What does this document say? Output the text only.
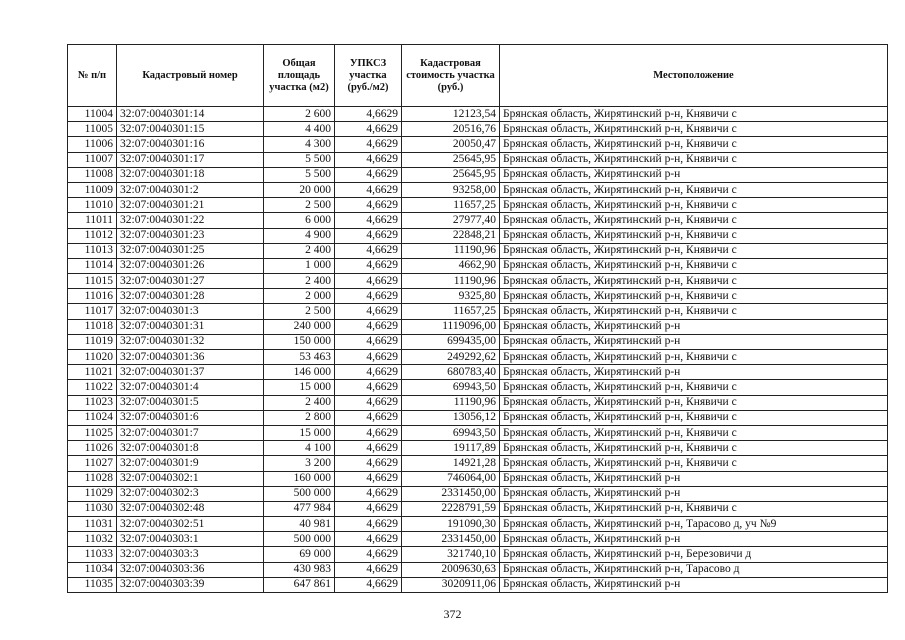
№ п/п	Кадастровый номер	Общая площадь участка (м2)	УПКСЗ участка (руб./м2)	Кадастровая стоимость участка (руб.)	Местоположение
11004	32:07:0040301:14	2 600	4,6629	12123,54	Брянская область, Жирятинский р-н, Княвичи с
11005	32:07:0040301:15	4 400	4,6629	20516,76	Брянская область, Жирятинский р-н, Княвичи с
11006	32:07:0040301:16	4 300	4,6629	20050,47	Брянская область, Жирятинский р-н, Княвичи с
11007	32:07:0040301:17	5 500	4,6629	25645,95	Брянская область, Жирятинский р-н, Княвичи с
11008	32:07:0040301:18	5 500	4,6629	25645,95	Брянская область, Жирятинский р-н
11009	32:07:0040301:2	20 000	4,6629	93258,00	Брянская область, Жирятинский р-н, Княвичи с
11010	32:07:0040301:21	2 500	4,6629	11657,25	Брянская область, Жирятинский р-н, Княвичи с
11011	32:07:0040301:22	6 000	4,6629	27977,40	Брянская область, Жирятинский р-н, Княвичи с
11012	32:07:0040301:23	4 900	4,6629	22848,21	Брянская область, Жирятинский р-н, Княвичи с
11013	32:07:0040301:25	2 400	4,6629	11190,96	Брянская область, Жирятинский р-н, Княвичи с
11014	32:07:0040301:26	1 000	4,6629	4662,90	Брянская область, Жирятинский р-н, Княвичи с
11015	32:07:0040301:27	2 400	4,6629	11190,96	Брянская область, Жирятинский р-н, Княвичи с
11016	32:07:0040301:28	2 000	4,6629	9325,80	Брянская область, Жирятинский р-н, Княвичи с
11017	32:07:0040301:3	2 500	4,6629	11657,25	Брянская область, Жирятинский р-н, Княвичи с
11018	32:07:0040301:31	240 000	4,6629	1119096,00	Брянская область, Жирятинский р-н
11019	32:07:0040301:32	150 000	4,6629	699435,00	Брянская область, Жирятинский р-н
11020	32:07:0040301:36	53 463	4,6629	249292,62	Брянская область, Жирятинский р-н, Княвичи с
11021	32:07:0040301:37	146 000	4,6629	680783,40	Брянская область, Жирятинский р-н
11022	32:07:0040301:4	15 000	4,6629	69943,50	Брянская область, Жирятинский р-н, Княвичи с
11023	32:07:0040301:5	2 400	4,6629	11190,96	Брянская область, Жирятинский р-н, Княвичи с
11024	32:07:0040301:6	2 800	4,6629	13056,12	Брянская область, Жирятинский р-н, Княвичи с
11025	32:07:0040301:7	15 000	4,6629	69943,50	Брянская область, Жирятинский р-н, Княвичи с
11026	32:07:0040301:8	4 100	4,6629	19117,89	Брянская область, Жирятинский р-н, Княвичи с
11027	32:07:0040301:9	3 200	4,6629	14921,28	Брянская область, Жирятинский р-н, Княвичи с
11028	32:07:0040302:1	160 000	4,6629	746064,00	Брянская область, Жирятинский р-н
11029	32:07:0040302:3	500 000	4,6629	2331450,00	Брянская область, Жирятинский р-н
11030	32:07:0040302:48	477 984	4,6629	2228791,59	Брянская область, Жирятинский р-н, Княвичи с
11031	32:07:0040302:51	40 981	4,6629	191090,30	Брянская область, Жирятинский р-н, Тарасово д, уч №9
11032	32:07:0040303:1	500 000	4,6629	2331450,00	Брянская область, Жирятинский р-н
11033	32:07:0040303:3	69 000	4,6629	321740,10	Брянская область, Жирятинский р-н, Березовичи д
11034	32:07:0040303:36	430 983	4,6629	2009630,63	Брянская область, Жирятинский р-н, Тарасово д
11035	32:07:0040303:39	647 861	4,6629	3020911,06	Брянская область, Жирятинский р-н
372
